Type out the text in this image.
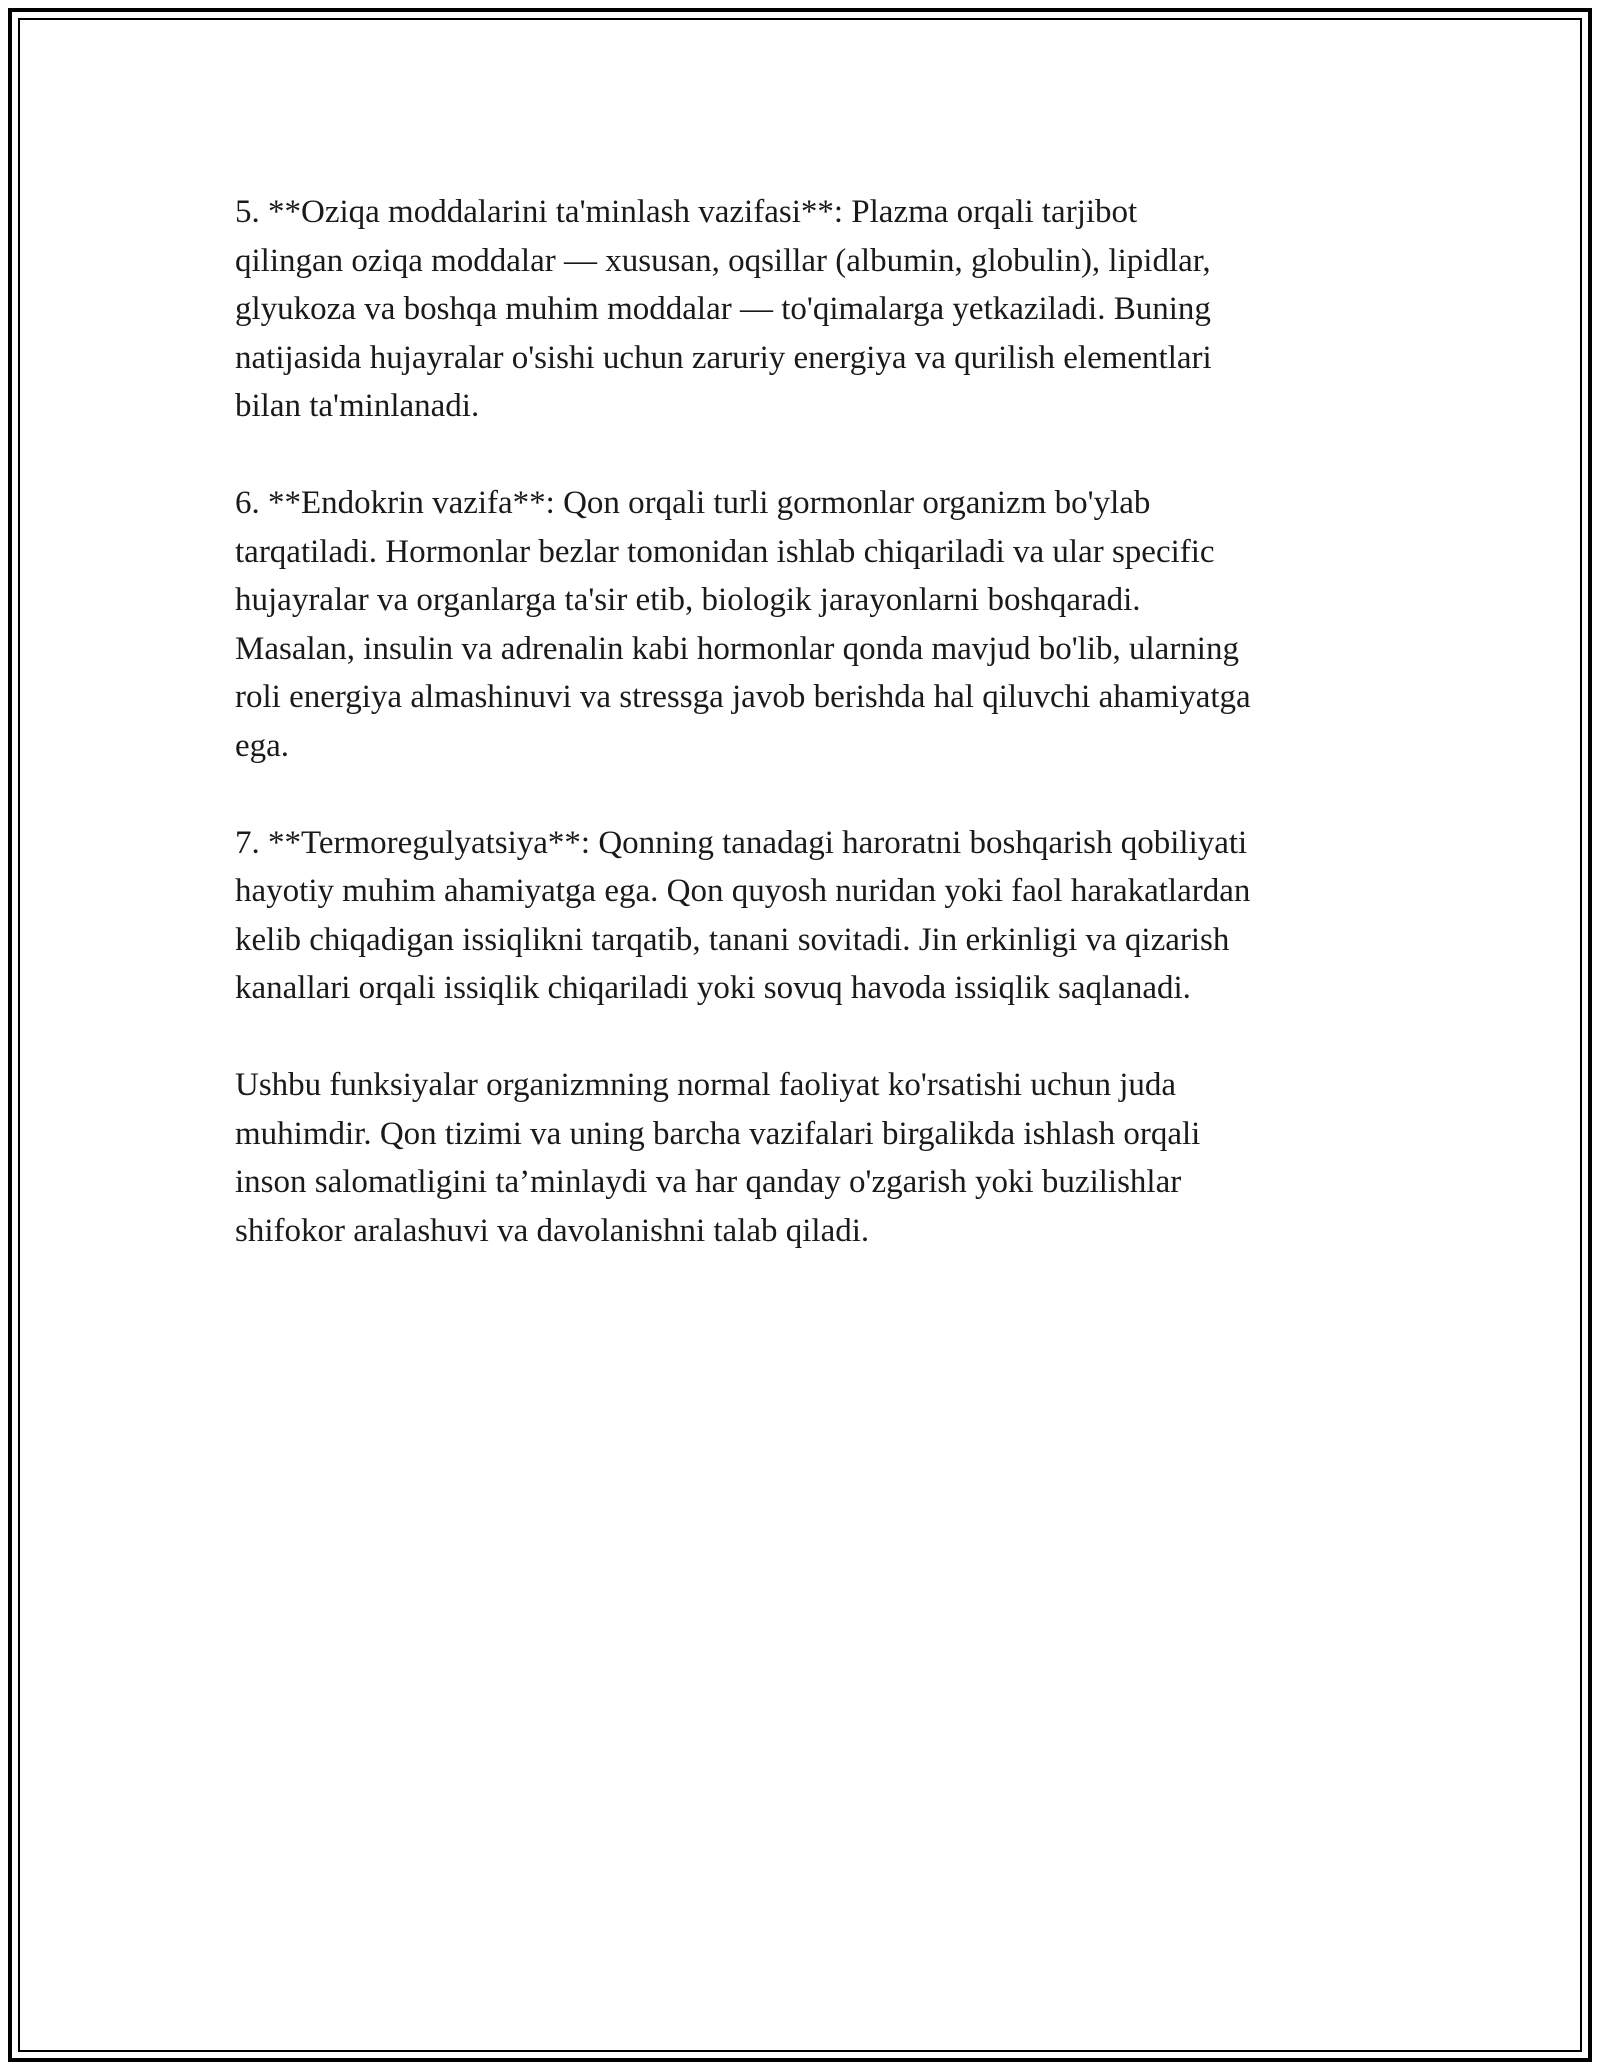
5. **Oziqa moddalarini ta'minlash vazifasi**: Plazma orqali tarjibot
qilingan oziqa moddalar — xususan, oqsillar (albumin, globulin), lipidlar,
glyukoza va boshqa muhim moddalar — to'qimalarga yetkaziladi. Buning
natijasida hujayralar o'sishi uchun zaruriy energiya va qurilish elementlari
bilan ta'minlanadi.

6. **Endokrin vazifa**: Qon orqali turli gormonlar organizm bo'ylab
tarqatiladi. Hormonlar bezlar tomonidan ishlab chiqariladi va ular specific
hujayralar va organlarga ta'sir etib, biologik jarayonlarni boshqaradi.
Masalan, insulin va adrenalin kabi hormonlar qonda mavjud bo'lib, ularning
roli energiya almashinuvi va stressga javob berishda hal qiluvchi ahamiyatga
ega.

7. **Termoregulyatsiya**: Qonning tanadagi haroratni boshqarish qobiliyati
hayotiy muhim ahamiyatga ega. Qon quyosh nuridan yoki faol harakatlardan
kelib chiqadigan issiqlikni tarqatib, tanani sovitadi. Jin erkinligi va qizarish
kanallari orqali issiqlik chiqariladi yoki sovuq havoda issiqlik saqlanadi.

Ushbu funksiyalar organizmning normal faoliyat ko'rsatishi uchun juda
muhimdir. Qon tizimi va uning barcha vazifalari birgalikda ishlash orqali
inson salomatligini ta’minlaydi va har qanday o'zgarish yoki buzilishlar
shifokor aralashuvi va davolanishni talab qiladi.
